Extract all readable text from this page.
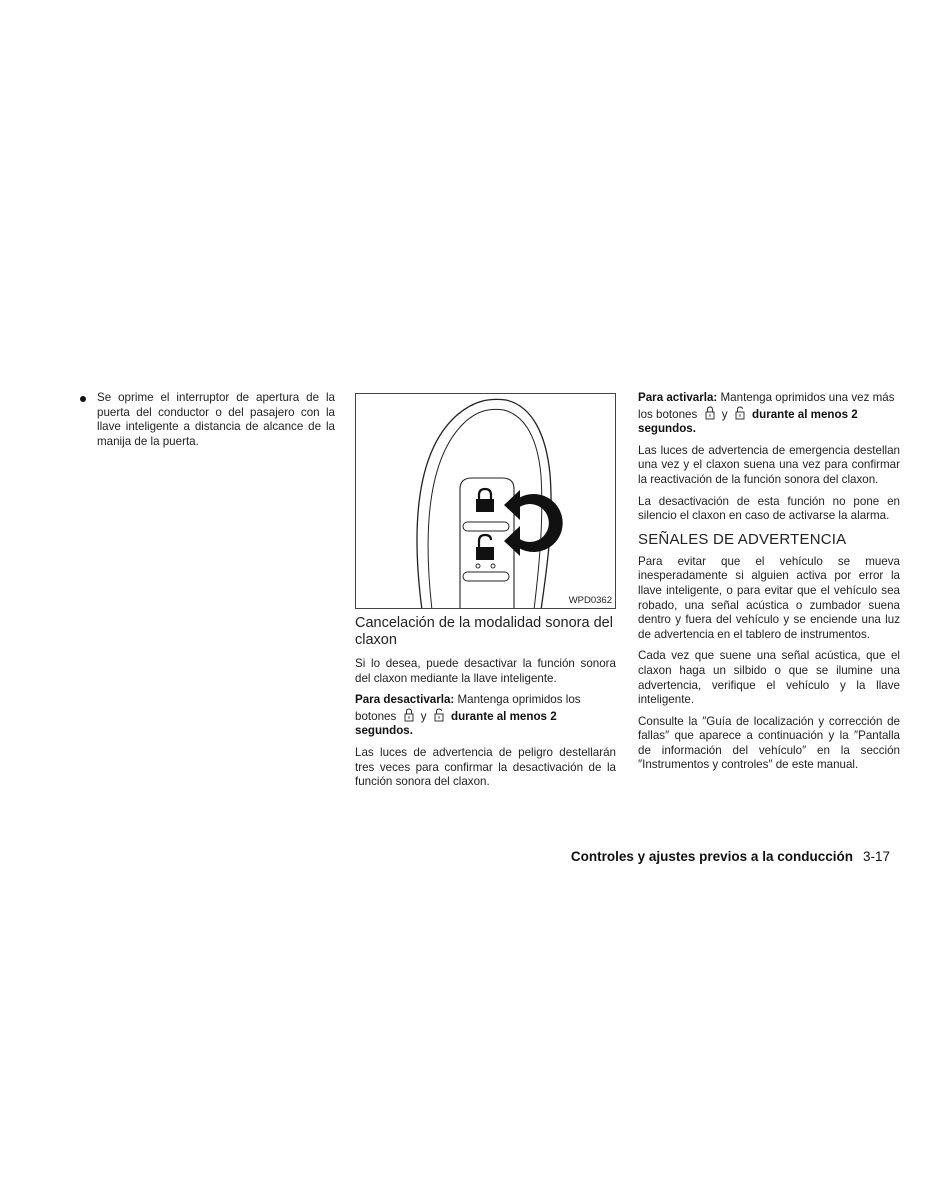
Se oprime el interruptor de apertura de la puerta del conductor o del pasajero con la llave inteligente a distancia de alcance de la manija de la puerta.

WPD0362
Cancelación de la modalidad sonora del claxon

Si lo desea, puede desactivar la función sonora del claxon mediante la llave inteligente.

Para desactivarla: Mantenga oprimidos los botones y durante al menos 2 segundos.

Las luces de advertencia de peligro destellarán tres veces para confirmar la desactivación de la función sonora del claxon.

Para activarla: Mantenga oprimidos una vez más los botones y durante al menos 2 segundos.

Las luces de advertencia de emergencia destellan una vez y el claxon suena una vez para confirmar la reactivación de la función sonora del claxon.

La desactivación de esta función no pone en silencio el claxon en caso de activarse la alarma.

SEÑALES DE ADVERTENCIA

Para evitar que el vehículo se mueva inesperadamente si alguien activa por error la llave inteligente, o para evitar que el vehículo sea robado, una señal acústica o zumbador suena dentro y fuera del vehículo y se enciende una luz de advertencia en el tablero de instrumentos.

Cada vez que suene una señal acústica, que el claxon haga un silbido o que se ilumine una advertencia, verifique el vehículo y la llave inteligente.

Consulte la ″Guía de localización y corrección de fallas″ que aparece a continuación y la ″Pantalla de información del vehículo″ en la sección ″Instrumentos y controles″ de este manual.

Controles y ajustes previos a la conducción 3-17
